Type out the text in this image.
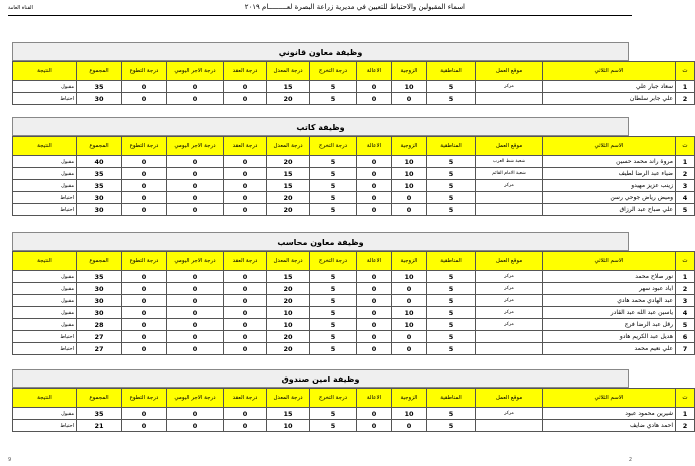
اسماء المقبولين والاحتياط للتعيين في مديرية زراعة البصرة لعـــــــــام ٢٠١٩
القناة العامة
وظيفة معاون قانوني
ت	الاسم الثلاثي	موقع العمل	المناطقية	الزوجية	الاعالة	درجة التخرج	درجة المعدل	درجة العقد	درجة الاجر اليومي	درجة التطوع	المجموع	النتيجة
1	سعاد جبار علي	مركز	5	10	0	5	15	0	0	0	35	مقبول
2	علي جابر سلطان		5	0	0	5	20	0	0	0	30	احتياط
وظيفة كاتب
ت	الاسم الثلاثي	موقع العمل	المناطقية	الزوجية	الاعالة	درجة التخرج	درجة المعدل	درجة العقد	درجة الاجر اليومي	درجة التطوع	المجموع	النتيجة
1	مروة راند محمد حسين	شعبة شط العرب	5	10	0	5	20	0	0	0	40	مقبول
2	ضياء عبد الرضا لطيف	شعبة الامام القائم	5	10	0	5	15	0	0	0	35	مقبول
3	زينب عزيز مهيدو	مركز	5	10	0	5	15	0	0	0	35	مقبول
4	وميض رياض جوحي رسن		5	0	0	5	20	0	0	0	30	احتياط
5	علي صباح عبد الرزاق		5	0	0	5	20	0	0	0	30	احتياط
وظيفة معاون محاسب
ت	الاسم الثلاثي	موقع العمل	المناطقية	الزوجية	الاعالة	درجة التخرج	درجة المعدل	درجة العقد	درجة الاجر اليومي	درجة التطوع	المجموع	النتيجة
1	نور صلاح محمد	مركز	5	10	0	5	15	0	0	0	35	مقبول
2	اياد عبود سهر	مركز	5	0	0	5	20	0	0	0	30	مقبول
3	عبد الهادي محمد هادي	مركز	5	0	0	5	20	0	0	0	30	مقبول
4	ياسين عبد الله عبد القادر	مركز	5	10	0	5	10	0	0	0	30	مقبول
5	رقل عبد الرضا فرج	مركز	5	10	0	5	10	0	0	0	28	مقبول
6	هديل عبد الكريم هادو		5	0	0	5	20	0	0	0	27	احتياط
7	علي نعيم محمد		5	0	0	5	20	0	0	0	27	احتياط
وظيفة امين صندوق
ت	الاسم الثلاثي	موقع العمل	المناطقية	الزوجية	الاعالة	درجة التخرج	درجة المعدل	درجة العقد	درجة الاجر اليومي	درجة التطوع	المجموع	النتيجة
1	شيرين محمود عبود	مركز	5	10	0	5	15	0	0	0	35	مقبول
2	احمد هادي ضايف		5	0	0	5	10	0	0	0	21	احتياط
9	2
